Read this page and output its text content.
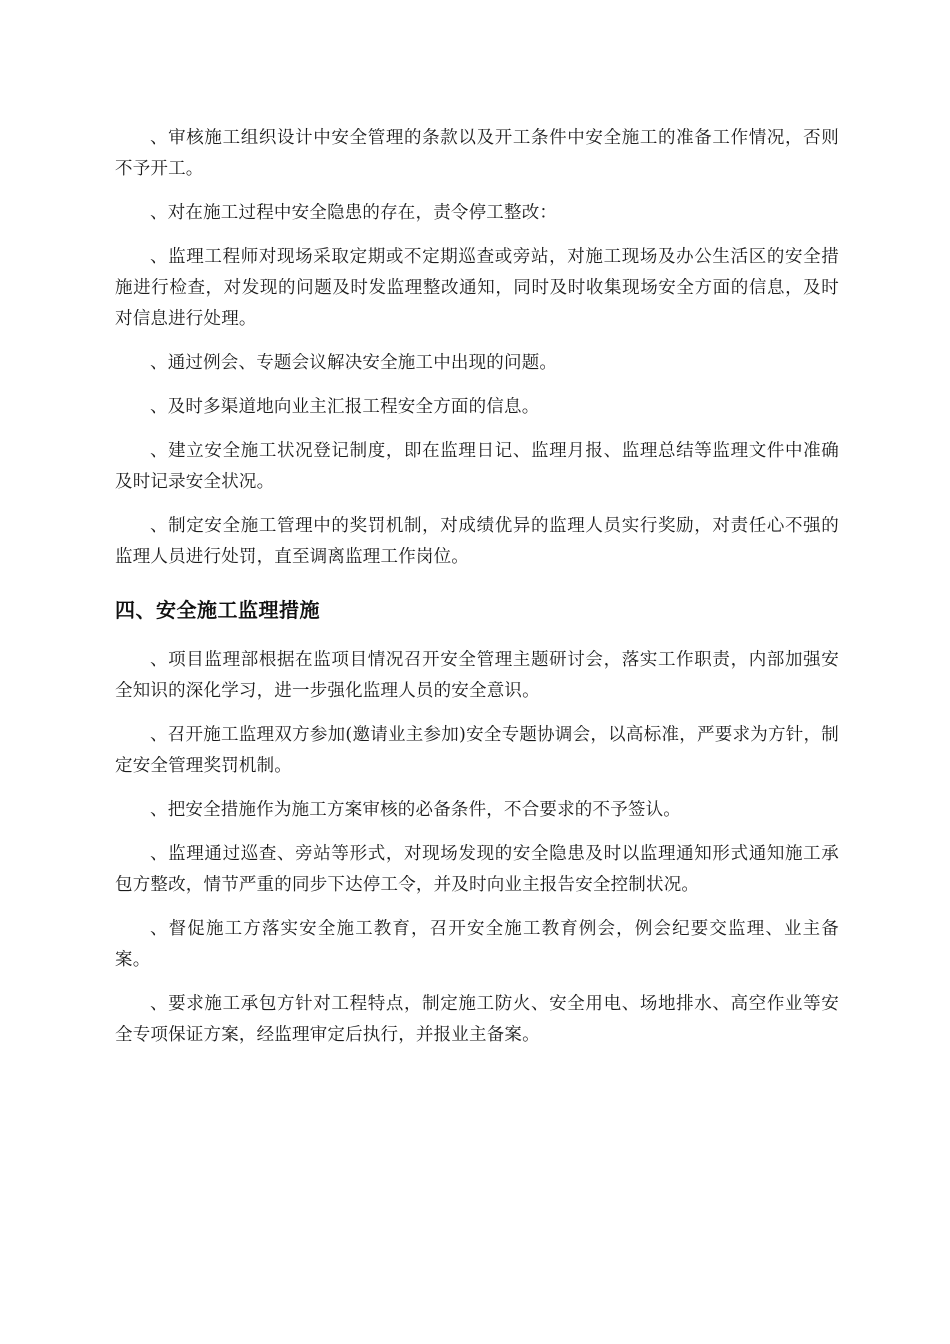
、审核施工组织设计中安全管理的条款以及开工条件中安全施工的准备工作情况，否则不予开工。

、对在施工过程中安全隐患的存在，责令停工整改：

、监理工程师对现场采取定期或不定期巡查或旁站，对施工现场及办公生活区的安全措施进行检查，对发现的问题及时发监理整改通知，同时及时收集现场安全方面的信息，及时对信息进行处理。

、通过例会、专题会议解决安全施工中出现的问题。

、及时多渠道地向业主汇报工程安全方面的信息。

、建立安全施工状况登记制度，即在监理日记、监理月报、监理总结等监理文件中准确及时记录安全状况。

、制定安全施工管理中的奖罚机制，对成绩优异的监理人员实行奖励，对责任心不强的监理人员进行处罚，直至调离监理工作岗位。

四、安全施工监理措施

、项目监理部根据在监项目情况召开安全管理主题研讨会，落实工作职责，内部加强安全知识的深化学习，进一步强化监理人员的安全意识。

、召开施工监理双方参加(邀请业主参加)安全专题协调会，以高标准，严要求为方针，制定安全管理奖罚机制。

、把安全措施作为施工方案审核的必备条件，不合要求的不予签认。

、监理通过巡查、旁站等形式，对现场发现的安全隐患及时以监理通知形式通知施工承包方整改，情节严重的同步下达停工令，并及时向业主报告安全控制状况。

、督促施工方落实安全施工教育，召开安全施工教育例会，例会纪要交监理、业主备案。

、要求施工承包方针对工程特点，制定施工防火、安全用电、场地排水、高空作业等安全专项保证方案，经监理审定后执行，并报业主备案。
